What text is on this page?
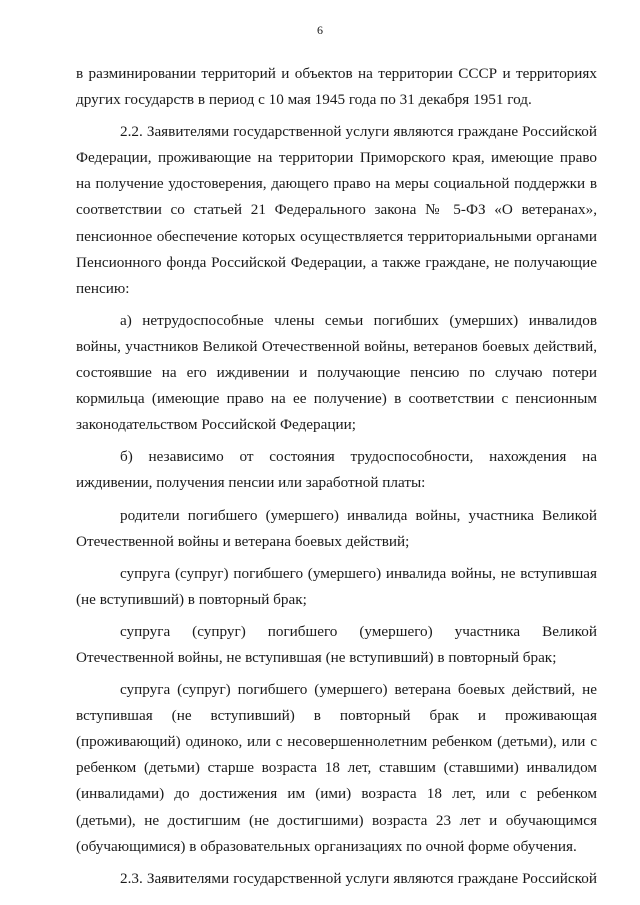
6

в разминировании территорий и объектов на территории СССР и территориях других государств в период с 10 мая 1945 года по 31 декабря 1951 год.

2.2. Заявителями государственной услуги являются граждане Российской Федерации, проживающие на территории Приморского края, имеющие право на получение удостоверения, дающего право на меры социальной поддержки в соответствии со статьей 21 Федерального закона № 5-ФЗ «О ветеранах», пенсионное обеспечение которых осуществляется территориальными органами Пенсионного фонда Российской Федерации, а также граждане, не получающие пенсию:

а) нетрудоспособные члены семьи погибших (умерших) инвалидов войны, участников Великой Отечественной войны, ветеранов боевых действий, состоявшие на его иждивении и получающие пенсию по случаю потери кормильца (имеющие право на ее получение) в соответствии с пенсионным законодательством Российской Федерации;

б) независимо от состояния трудоспособности, нахождения на иждивении, получения пенсии или заработной платы:

родители погибшего (умершего) инвалида войны, участника Великой Отечественной войны и ветерана боевых действий;

супруга (супруг) погибшего (умершего) инвалида войны, не вступившая (не вступивший) в повторный брак;

супруга (супруг) погибшего (умершего) участника Великой Отечественной войны, не вступившая (не вступивший) в повторный брак;

супруга (супруг) погибшего (умершего) ветерана боевых действий, не вступившая (не вступивший) в повторный брак и проживающая (проживающий) одиноко, или с несовершеннолетним ребенком (детьми), или с ребенком (детьми) старше возраста 18 лет, ставшим (ставшими) инвалидом (инвалидами) до достижения им (ими) возраста 18 лет, или с ребенком (детьми), не достигшим (не достигшими) возраста 23 лет и обучающимся (обучающимися) в образовательных организациях по очной форме обучения.

2.3. Заявителями государственной услуги являются граждане Российской
